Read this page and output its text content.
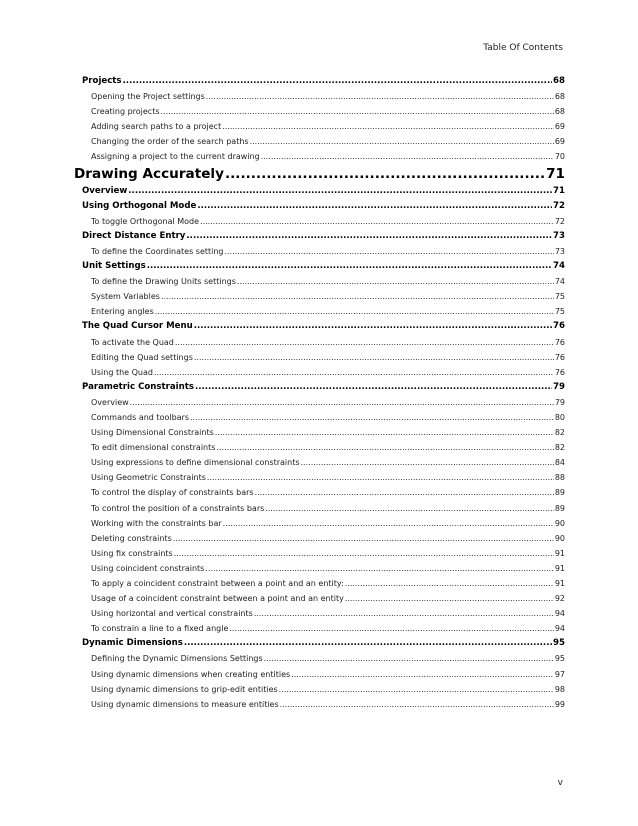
Table Of Contents
Projects .....	68
Opening the Project settings .....	68
Creating projects .....	68
Adding search paths to a project .....	69
Changing the order of the search paths .....	69
Assigning a project to the current drawing .....	70
Drawing Accurately .....	71
Overview .....	71
Using Orthogonal Mode .....	72
To toggle Orthogonal Mode .....	72
Direct Distance Entry .....	73
To define the Coordinates setting .....	73
Unit Settings .....	74
To define the Drawing Units settings .....	74
System Variables .....	75
Entering angles .....	75
The Quad Cursor Menu .....	76
To activate the Quad .....	76
Editing the Quad settings .....	76
Using the Quad .....	76
Parametric Constraints .....	79
Overview .....	79
Commands and toolbars .....	80
Using Dimensional Constraints .....	82
To edit dimensional constraints .....	82
Using expressions to define dimensional constraints .....	84
Using Geometric Constraints .....	88
To control the display of constraints bars .....	89
To control the position of a constraints bars .....	89
Working with the constraints bar .....	90
Deleting constraints .....	90
Using fix constraints .....	91
Using coincident constraints .....	91
To apply a coincident constraint between a point and an entity: .....	91
Usage of a coincident constraint between a point and an entity .....	92
Using horizontal and vertical constraints .....	94
To constrain a line to a fixed angle .....	94
Dynamic Dimensions .....	95
Defining the Dynamic Dimensions Settings .....	95
Using dynamic dimensions when creating entities .....	97
Using dynamic dimensions to grip-edit entities .....	98
Using dynamic dimensions to measure entities .....	99
v
